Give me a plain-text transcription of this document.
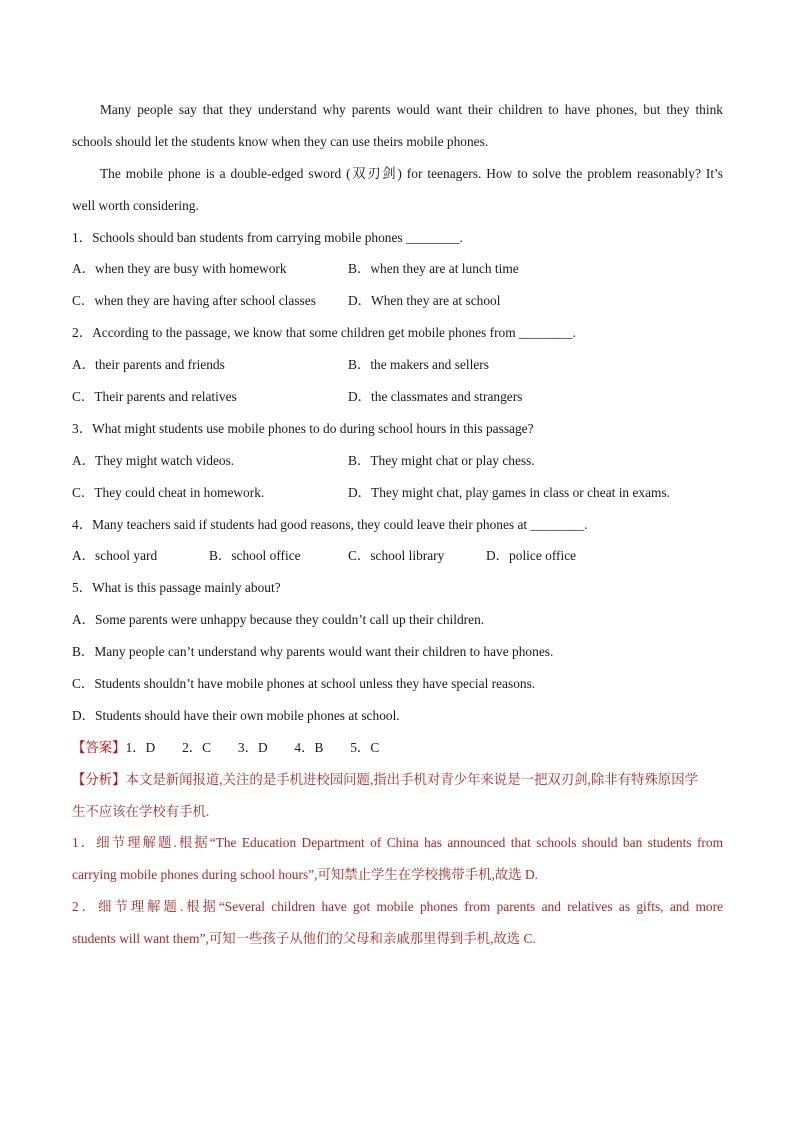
Many people say that they understand why parents would want their children to have phones, but they think
schools should let the students know when they can use theirs mobile phones.
The mobile phone is a double-edged sword (双刃剑) for teenagers. How to solve the problem reasonably? It’s
well worth considering.
1．Schools should ban students from carrying mobile phones ________.
A．when they are busy with homework	B．when they are at lunch time
C．when they are having after school classes	D．When they are at school
2．According to the passage, we know that some children get mobile phones from ________.
A．their parents and friends	B．the makers and sellers
C．Their parents and relatives	D．the classmates and strangers
3．What might students use mobile phones to do during school hours in this passage?
A．They might watch videos.	B．They might chat or play chess.
C．They could cheat in homework.	D．They might chat, play games in class or cheat in exams.
4．Many teachers said if students had good reasons, they could leave their phones at ________.
A．school yard	B．school office	C．school library	D．police office
5．What is this passage mainly about?
A．Some parents were unhappy because they couldn’t call up their children.
B．Many people can’t understand why parents would want their children to have phones.
C．Students shouldn’t have mobile phones at school unless they have special reasons.
D．Students should have their own mobile phones at school.
【答案】1．D　　2．C　　3．D　　4．B　　5．C
【分析】本文是新闻报道,关注的是手机进校园问题,指出手机对青少年来说是一把双刃剑,除非有特殊原因学
生不应该在学校有手机.
1．细节理解题.根据“The Education Department of China has announced that schools should ban students from
carrying mobile phones during school hours”,可知禁止学生在学校携带手机,故选 D.
2．细节理解题.根据“Several children have got mobile phones from parents and relatives as gifts, and more
students will want them”,可知一些孩子从他们的父母和亲戚那里得到手机,故选 C.
